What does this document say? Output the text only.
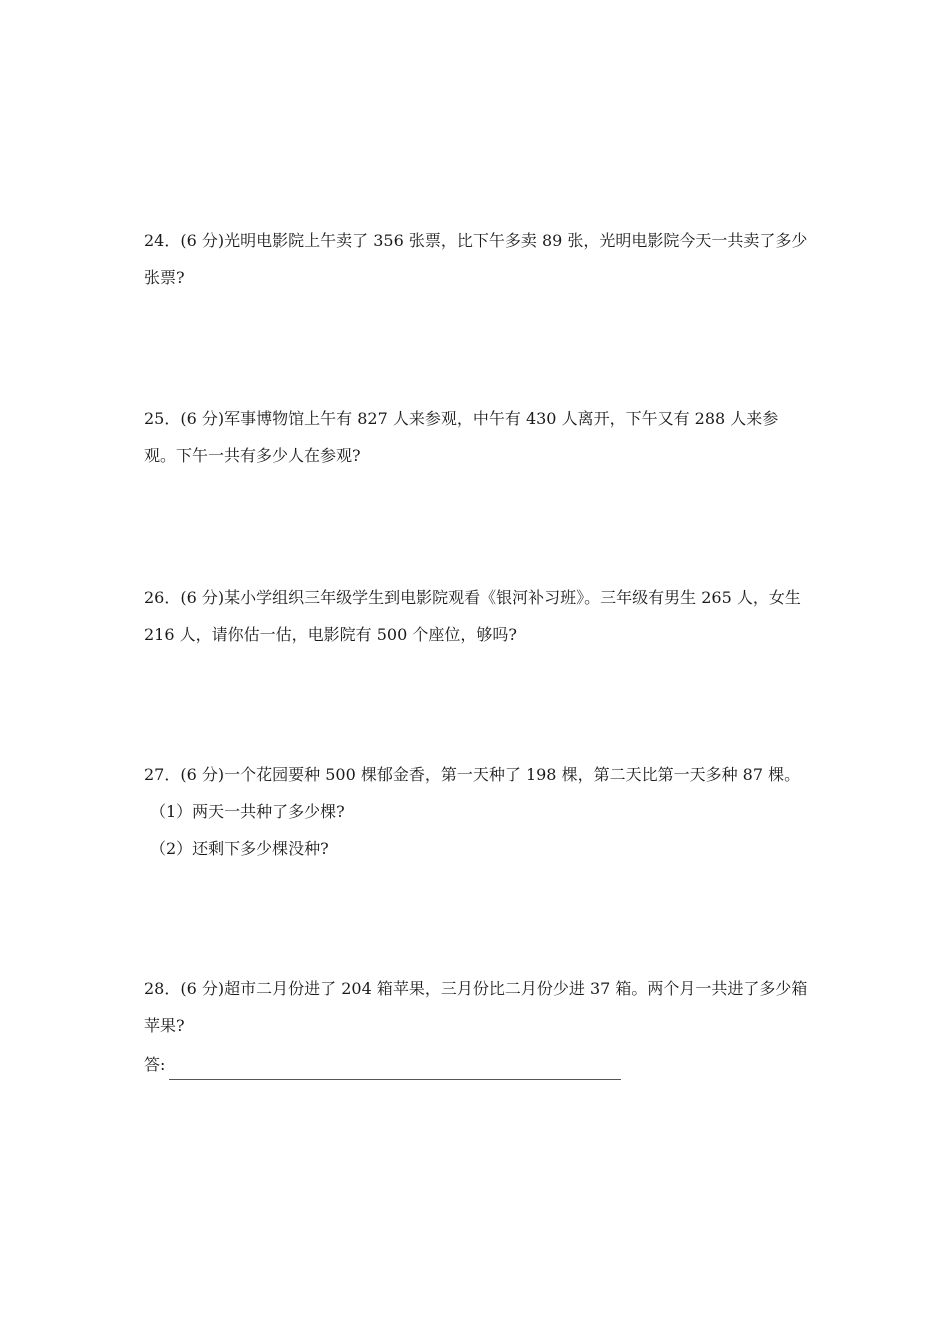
24．(6 分)光明电影院上午卖了 356 张票，比下午多卖 89 张，光明电影院今天一共卖了多少张票?
25．(6 分)军事博物馆上午有 827 人来参观，中午有 430 人离开，下午又有 288 人来参观。下午一共有多少人在参观?
26．(6 分)某小学组织三年级学生到电影院观看《银河补习班》。三年级有男生 265 人，女生 216 人，请你估一估，电影院有 500 个座位，够吗?
27．(6 分)一个花园要种 500 棵郁金香，第一天种了 198 棵，第二天比第一天多种 87 棵。
（1）两天一共种了多少棵?
（2）还剩下多少棵没种?
28．(6 分)超市二月份进了 204 箱苹果，三月份比二月份少进 37 箱。两个月一共进了多少箱苹果?
答:
